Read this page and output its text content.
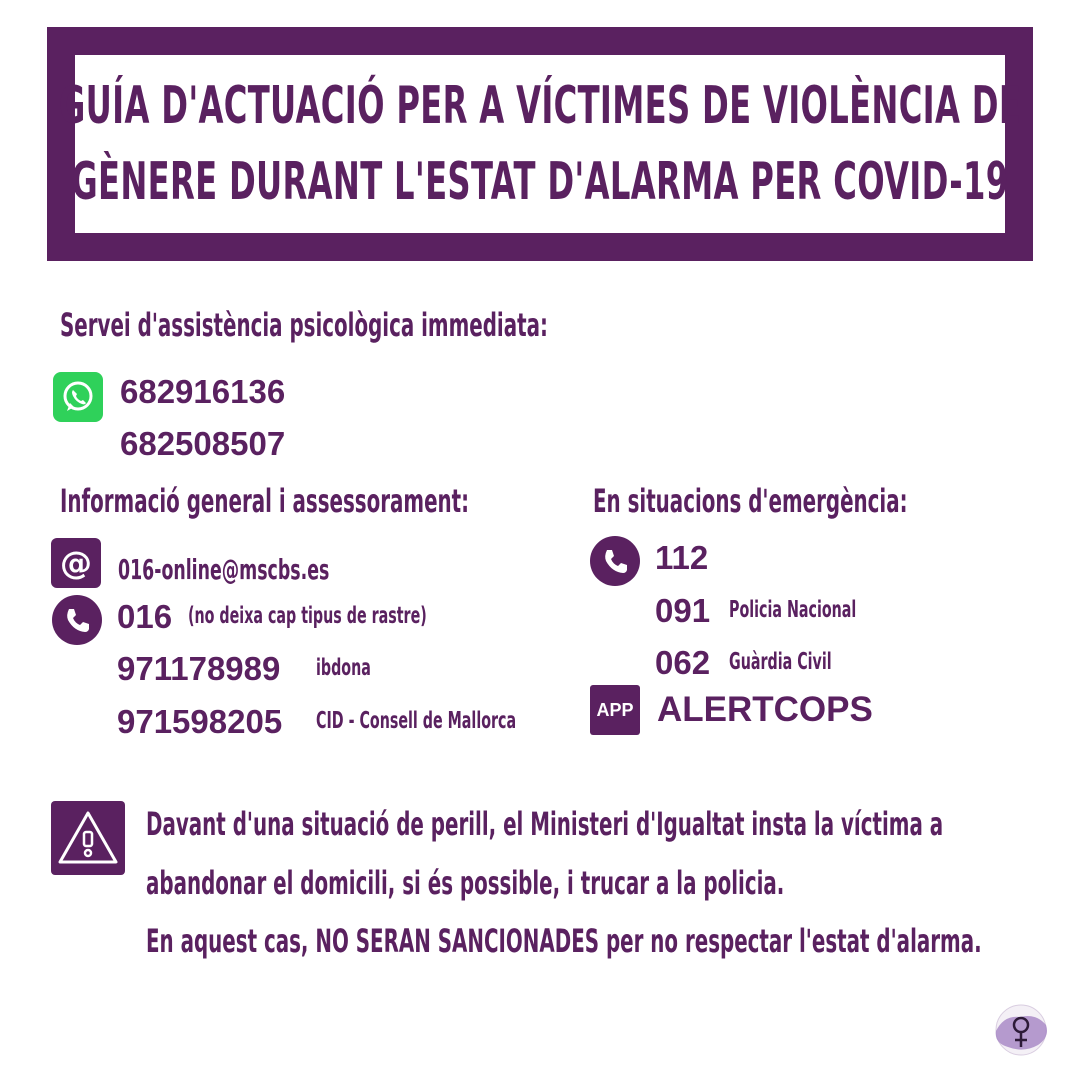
GUÍA D'ACTUACIÓ PER A VÍCTIMES DE VIOLÈNCIA DE
GÈNERE DURANT L'ESTAT D'ALARMA PER COVID-19
Servei d'assistència psicològica immediata:
682916136
682508507
Informació general i assessorament:
@ 016-online@mscbs.es
016 (no deixa cap tipus de rastre)
971178989 ibdona
971598205 CID - Consell de Mallorca
En situacions d'emergència:
112
091 Policia Nacional
062 Guàrdia Civil
APP ALERTCOPS
Davant d'una situació de perill, el Ministeri d'Igualtat insta la víctima a
abandonar el domicili, si és possible, i trucar a la policia.
En aquest cas, NO SERAN SANCIONADES per no respectar l'estat d'alarma.
